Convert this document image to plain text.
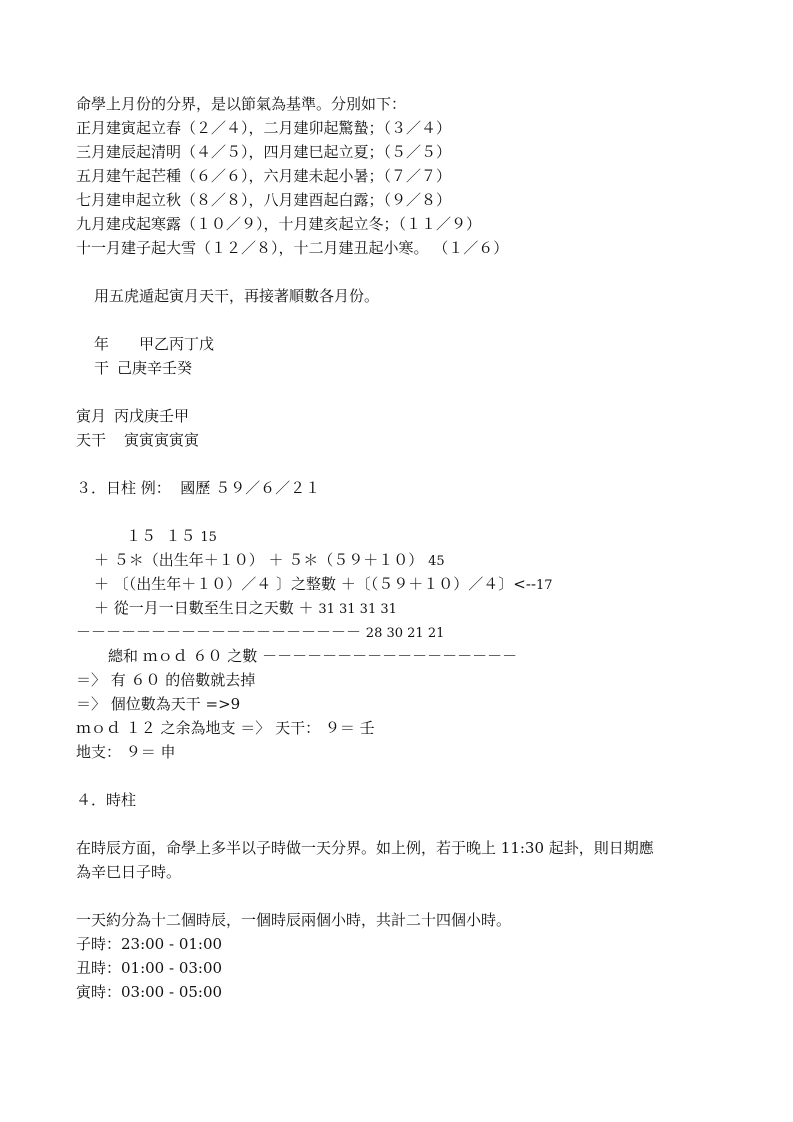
命學上月份的分界，是以節氣為基準。分別如下：
正月建寅起立春（２／４），二月建卯起驚蟄；（３／４）
三月建辰起清明（４／５），四月建巳起立夏；（５／５）
五月建午起芒種（６／６），六月建未起小暑；（７／７）
七月建申起立秋（８／８），八月建酉起白露；（９／８）
九月建戌起寒露（１０／９），十月建亥起立冬；（１１／９）
十一月建子起大雪（１２／８），十二月建丑起小寒。 （１／６）
用五虎遁起寅月天干，再接著順數各月份。
年 甲乙丙丁戊
干 己庚辛壬癸
寅月 丙戊庚壬甲
天干 寅寅寅寅寅
３．日柱 例：  國歷 ５９／６／２１
１５  １５ 15
＋ ５＊（出生年＋１０） ＋ ５＊（５９＋１０） 45
＋ 〔（出生年＋１０）／４ 〕之整數 ＋〔（５９＋１０）／４〕<--17
＋ 從一月一日數至生日之天數 ＋ 31 31 31 31
－－－－－－－－－－－－－－－－－－－ 28 30 21 21
總和 ｍｏｄ ６０ 之數 －－－－－－－－－－－－－－－－－
＝〉 有 ６０ 的倍數就去掉
＝〉 個位數為天干 =>9
ｍｏｄ １２ 之余為地支 ＝〉 天干： ９＝ 壬
地支： ９＝ 申
４．時柱
在時辰方面，命學上多半以子時做一天分界。如上例，若于晚上 11:30 起卦，則日期應
為辛巳日子時。
一天約分為十二個時辰，一個時辰兩個小時，共計二十四個小時。
子時：23:00 - 01:00
丑時：01:00 - 03:00
寅時：03:00 - 05:00
